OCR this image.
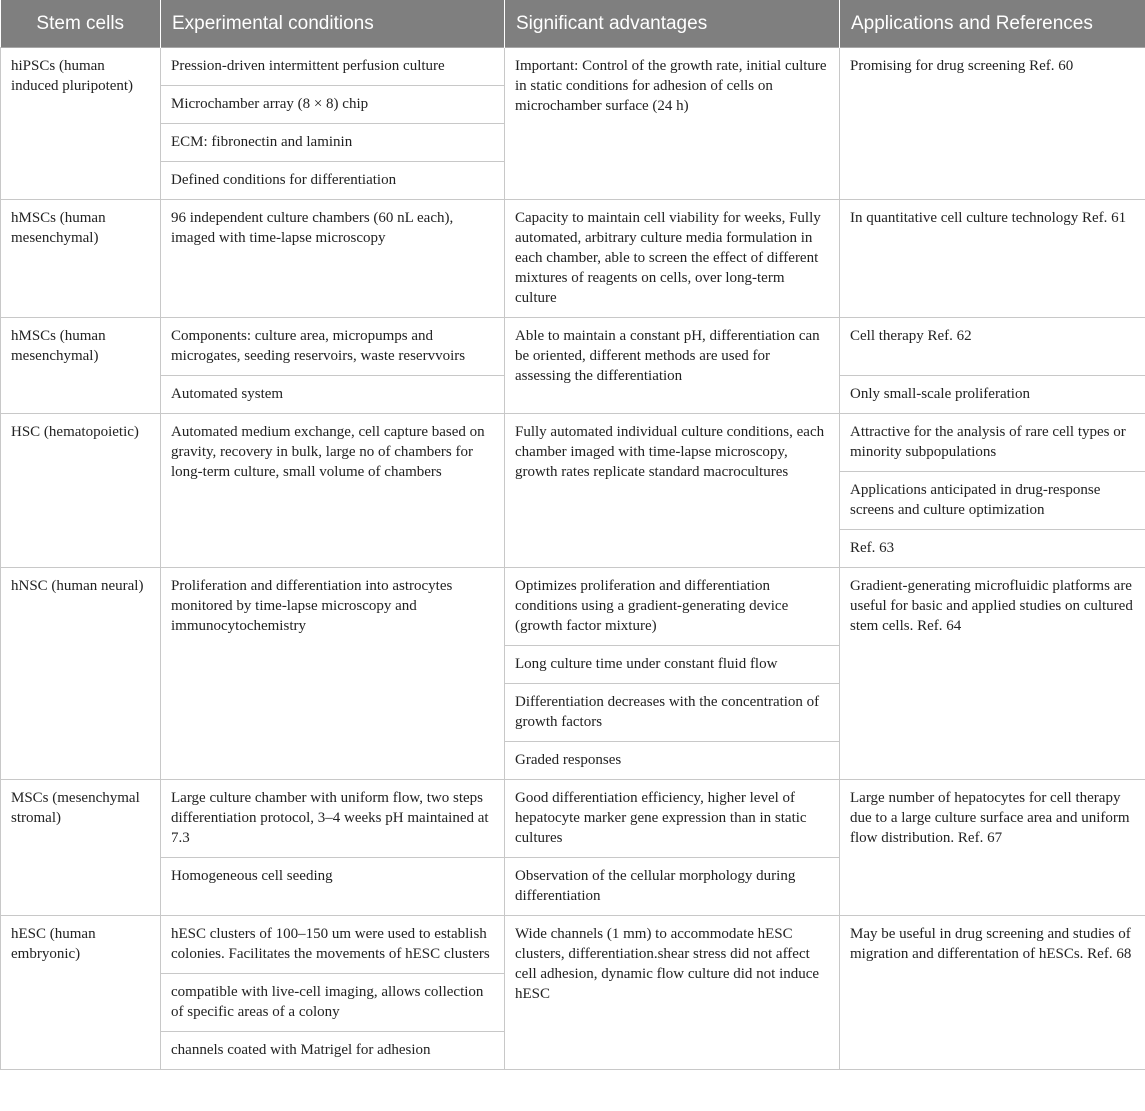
Stem cells	Experimental conditions	Significant advantages	Applications and References
hiPSCs (human induced pluripotent)	Pression-driven intermittent perfusion culture	Important: Control of the growth rate, initial culture in static conditions for adhesion of cells on microchamber surface (24 h)	Promising for drug screening Ref. 60
	Microchamber array (8 × 8) chip		
	ECM: fibronectin and laminin		
	Defined conditions for differentiation		
hMSCs (human mesenchymal)	96 independent culture chambers (60 nL each), imaged with time-lapse microscopy	Capacity to maintain cell viability for weeks, Fully automated, arbitrary culture media formulation in each chamber, able to screen the effect of different mixtures of reagents on cells, over long-term culture	In quantitative cell culture technology Ref. 61
hMSCs (human mesenchymal)	Components: culture area, micropumps and microgates, seeding reservoirs, waste reservvoirs	Able to maintain a constant pH, differentiation can be oriented, different methods are used for assessing the differentiation	Cell therapy Ref. 62
	Automated system		Only small-scale proliferation
HSC (hematopoietic)	Automated medium exchange, cell capture based on gravity, recovery in bulk, large no of chambers for long-term culture, small volume of chambers	Fully automated individual culture conditions, each chamber imaged with time-lapse microscopy, growth rates replicate standard macrocultures	Attractive for the analysis of rare cell types or minority subpopulations
			Applications anticipated in drug-response screens and culture optimization
			Ref. 63
hNSC (human neural)	Proliferation and differentiation into astrocytes monitored by time-lapse microscopy and immunocytochemistry	Optimizes proliferation and differentiation conditions using a gradient-generating device (growth factor mixture)	Gradient-generating microfluidic platforms are useful for basic and applied studies on cultured stem cells. Ref. 64
		Long culture time under constant fluid flow	
		Differentiation decreases with the concentration of growth factors	
		Graded responses	
MSCs (mesenchymal stromal)	Large culture chamber with uniform flow, two steps differentiation protocol, 3–4 weeks pH maintained at 7.3	Good differentiation efficiency, higher level of hepatocyte marker gene expression than in static cultures	Large number of hepatocytes for cell therapy due to a large culture surface area and uniform flow distribution. Ref. 67
	Homogeneous cell seeding	Observation of the cellular morphology during differentiation	
hESC (human embryonic)	hESC clusters of 100–150 um were used to establish colonies. Facilitates the movements of hESC clusters	Wide channels (1 mm) to accommodate hESC clusters, differentiation.shear stress did not affect cell adhesion, dynamic flow culture did not induce hESC	May be useful in drug screening and studies of migration and differentation of hESCs. Ref. 68
	compatible with live-cell imaging, allows collection of specific areas of a colony		
	channels coated with Matrigel for adhesion		
